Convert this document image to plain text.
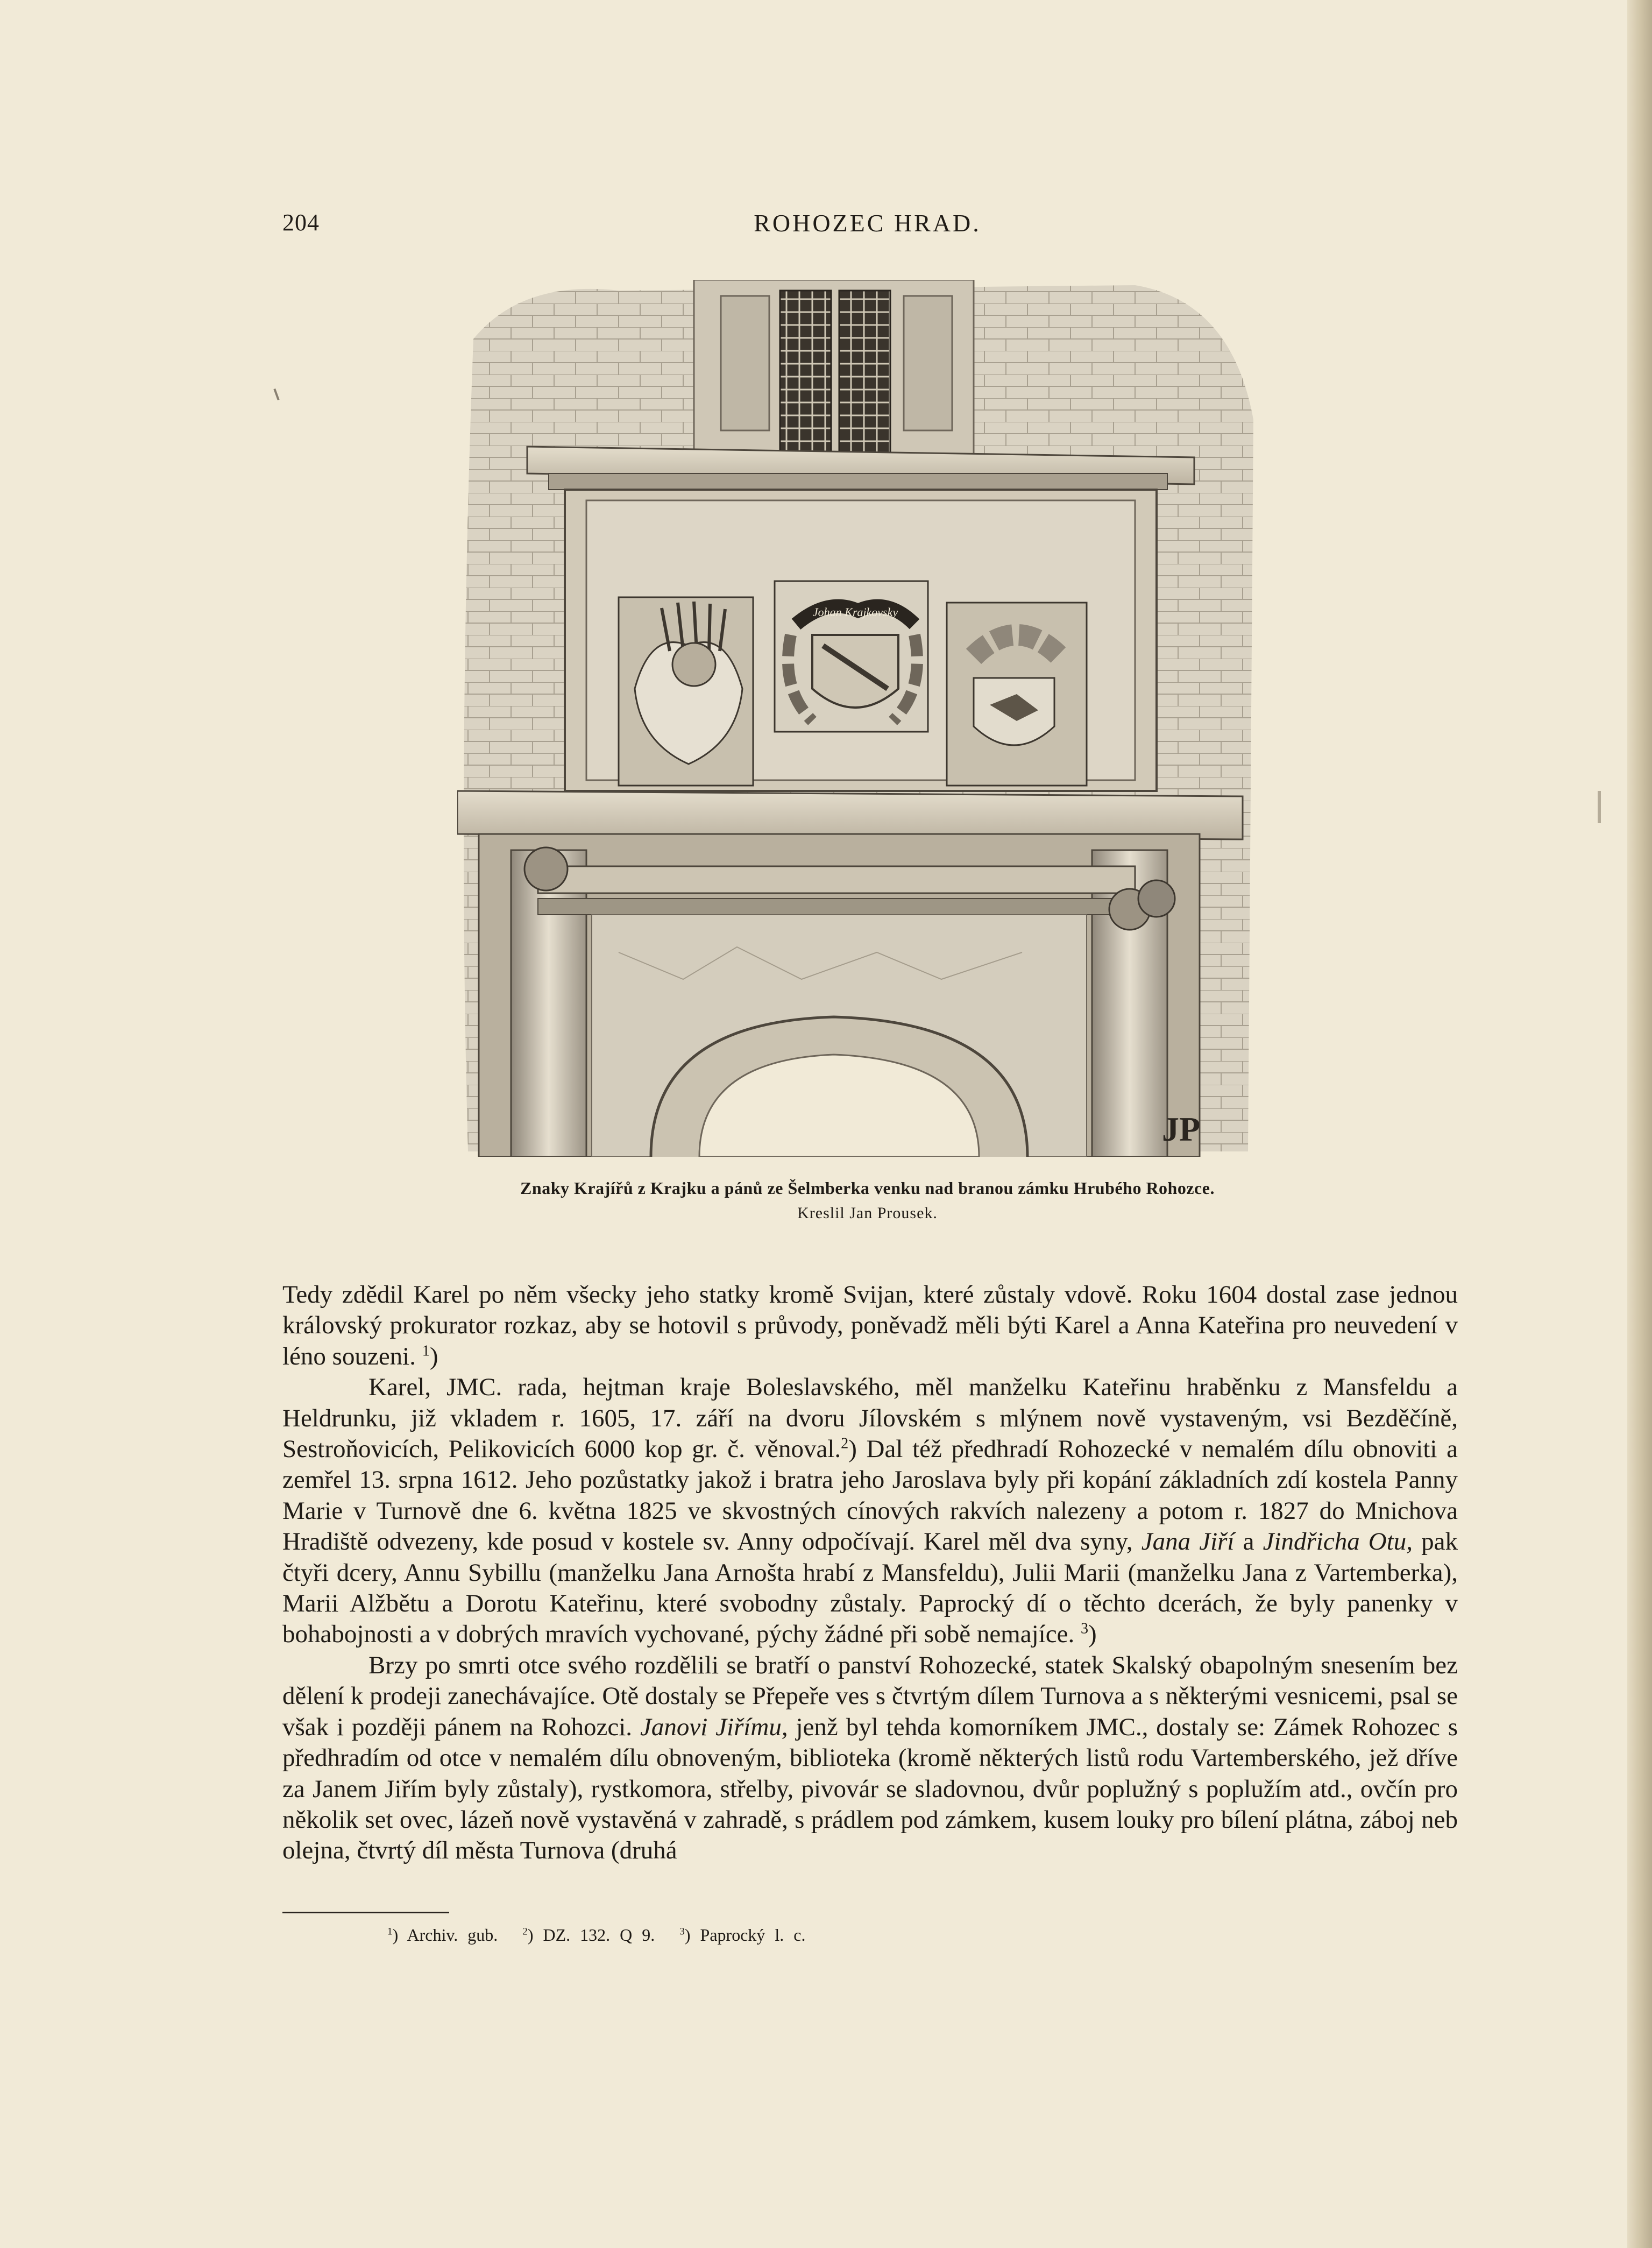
204	ROHOZEC HRAD.
Johan Krajkovsky
JP
Znaky Krajířů z Krajku a pánů ze Šelmberka venku nad branou zámku Hrubého Rohozce.
Kreslil Jan Prousek.

Tedy zdědil Karel po něm všecky jeho statky kromě Svijan, které zůstaly vdově. Roku 1604 dostal zase jednou královský prokurator rozkaz, aby se hotovil s průvody, poněvadž měli býti Karel a Anna Kateřina pro neuvedení v léno souzeni. $^1$)

Karel, JMC. rada, hejtman kraje Boleslavského, měl manželku Kateřinu hraběnku z Mansfeldu a Heldrunku, již vkladem r. 1605, 17. září na dvoru Jílovském s mlýnem nově vystaveným, vsi Bezděčíně, Sestroňovicích, Pelikovicích 6000 kop gr. č. věnoval.$^2$) Dal též předhradí Rohozecké v nemalém dílu obnoviti a zemřel 13. srpna 1612. Jeho pozůstatky jakož i bratra jeho Jaroslava byly při kopání základních zdí kostela Panny Marie v Turnově dne 6. května 1825 ve skvostných cínových rakvích nalezeny a potom r. 1827 do Mnichova Hradiště odvezeny, kde posud v kostele sv. Anny odpočívají. Karel měl dva syny, Jana Jiří a Jindřicha Otu, pak čtyři dcery, Annu Sybillu (manželku Jana Arnošta hrabí z Mansfeldu), Julii Marii (manželku Jana z Vartemberka), Marii Alžbětu a Dorotu Kateřinu, které svobodny zůstaly. Paprocký dí o těchto dcerách, že byly panenky v bohabojnosti a v dobrých mravích vychované, pýchy žádné při sobě nemajíce. $^3$)

Brzy po smrti otce svého rozdělili se bratří o panství Rohozecké, statek Skalský obapolným snesením bez dělení k prodeji zanechávajíce. Otě dostaly se Přepeře ves s čtvrtým dílem Turnova a s některými vesnicemi, psal se však i později pánem na Rohozci. Janovi Jiřímu, jenž byl tehda komorníkem JMC., dostaly se: Zámek Rohozec s předhradím od otce v nemalém dílu obnoveným, biblioteka (kromě některých listů rodu Vartemberského, jež dříve za Janem Jiřím byly zůstaly), rystkomora, střelby, pivovár se sladovnou, dvůr poplužný s poplužím atd., ovčín pro několik set ovec, lázeň nově vystavěná v zahradě, s prádlem pod zámkem, kusem louky pro bílení plátna, záboj neb olejna, čtvrtý díl města Turnova (druhá

$^1$) Archiv. gub. $^2$) DZ. 132. Q 9. $^3$) Paprocký l. c.
